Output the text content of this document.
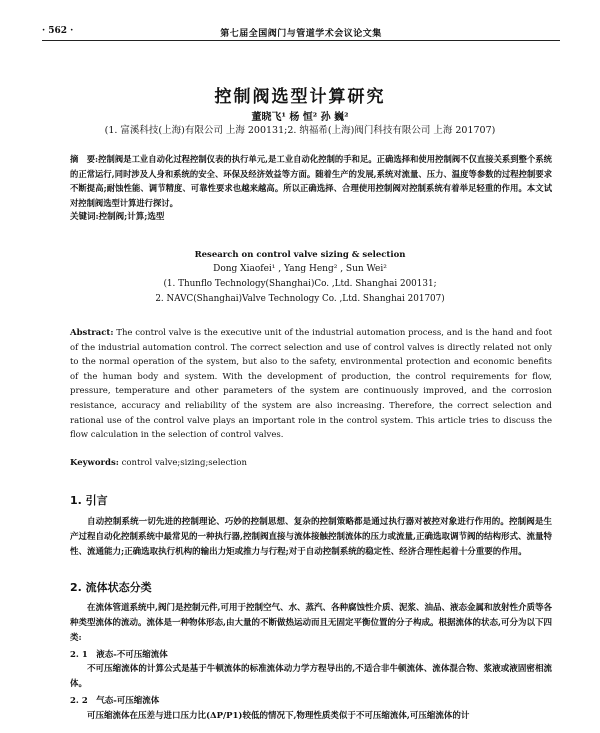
· 562 ·	第七届全国阀门与管道学术会议论文集
控制阀选型计算研究
董晓飞¹ 杨 恒² 孙 巍²
(1. 富溪科技(上海)有限公司 上海 200131;2. 纳福希(上海)阀门科技有限公司 上海 201707)
摘　要:控制阀是工业自动化过程控制仪表的执行单元,是工业自动化控制的手和足。正确选择和使用控制阀不仅直接关系到整个系统的正常运行,同时涉及人身和系统的安全、环保及经济效益等方面。随着生产的发展,系统对流量、压力、温度等参数的过程控制要求不断提高;耐蚀性能、调节精度、可靠性要求也越来越高。所以正确选择、合理使用控制阀对控制系统有着举足轻重的作用。本文试对控制阀选型计算进行探讨。
关键词:控制阀;计算;选型
Research on control valve sizing & selection
Dong Xiaofei¹ , Yang Heng² , Sun Wei²
(1. Thunflo Technology(Shanghai)Co. ,Ltd. Shanghai 200131;
2. NAVC(Shanghai)Valve Technology Co. ,Ltd. Shanghai 201707)
Abstract: The control valve is the executive unit of the industrial automation process, and is the hand and foot of the industrial automation control. The correct selection and use of control valves is directly related not only to the normal operation of the system, but also to the safety, environmental protection and economic benefits of the human body and system. With the development of production, the control requirements for flow, pressure, temperature and other parameters of the system are continuously improved, and the corrosion resistance, accuracy and reliability of the system are also increasing. Therefore, the correct selection and rational use of the control valve plays an important role in the control system. This article tries to discuss the flow calculation in the selection of control valves.
Keywords: control valve;sizing;selection
1. 引言
自动控制系统一切先进的控制理论、巧妙的控制思想、复杂的控制策略都是通过执行器对被控对象进行作用的。控制阀是生产过程自动化控制系统中最常见的一种执行器,控制阀直接与流体接触控制流体的压力或流量,正确选取调节阀的结构形式、流量特性、流通能力;正确选取执行机构的输出力矩或推力与行程;对于自动控制系统的稳定性、经济合理性起着十分重要的作用。
2. 流体状态分类
在流体管道系统中,阀门是控制元件,可用于控制空气、水、蒸汽、各种腐蚀性介质、泥浆、油品、液态金属和放射性介质等各种类型流体的流动。流体是一种物体形态,由大量的不断做热运动而且无固定平衡位置的分子构成。根据流体的状态,可分为以下四类:
2. 1　液态-不可压缩流体
不可压缩流体的计算公式是基于牛顿流体的标准流体动力学方程导出的,不适合非牛顿流体、流体混合物、浆液或液固密相流体。
2. 2　气态-可压缩流体
可压缩流体在压差与进口压力比(ΔP/P1)较低的情况下,物理性质类似于不可压缩流体,可压缩流体的计
